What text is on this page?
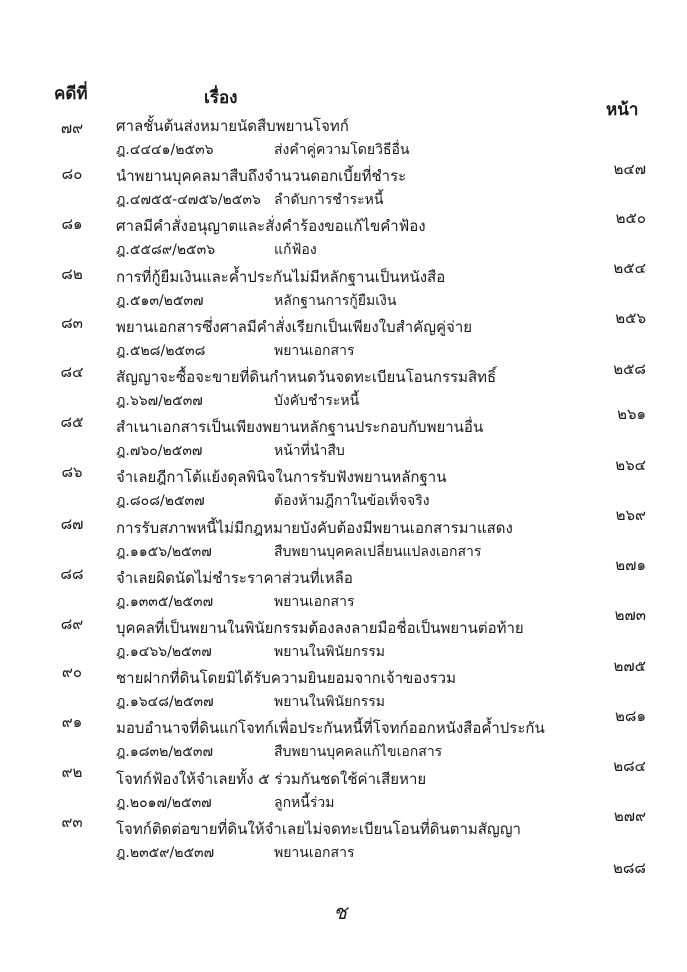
คดีที่	เรื่อง
หน้า
๗๙	ศาลชั้นต้นส่งหมายนัดสืบพยานโจทก์
ฎ.๔๔๔๑/๒๕๓๖	ส่งคำคู่ความโดยวิธีอื่น
๒๔๗
๘๐	นำพยานบุคคลมาสืบถึงจำนวนดอกเบี้ยที่ชำระ
ฎ.๔๗๕๕-๔๗๕๖/๒๕๓๖ ลำดับการชำระหนี้
๒๕๐
๘๑	ศาลมีคำสั่งอนุญาตและสั่งคำร้องขอแก้ไขคำฟ้อง
ฎ.๕๕๘๙/๒๕๓๖	แก้ฟ้อง
๒๕๔
๘๒	การที่กู้ยืมเงินและค้ำประกันไม่มีหลักฐานเป็นหนังสือ
ฎ.๕๑๓/๒๕๓๗	หลักฐานการกู้ยืมเงิน
๒๕๖
๘๓	พยานเอกสารซึ่งศาลมีคำสั่งเรียกเป็นเพียงใบสำคัญคู่จ่าย
ฎ.๕๒๘/๒๕๓๘	พยานเอกสาร
๒๕๘
๘๔	สัญญาจะซื้อจะขายที่ดินกำหนดวันจดทะเบียนโอนกรรมสิทธิ์
ฎ.๖๖๗/๒๕๓๗	บังคับชำระหนี้
๒๖๑
๘๕	สำเนาเอกสารเป็นเพียงพยานหลักฐานประกอบกับพยานอื่น
ฎ.๗๖๐/๒๕๓๗	หน้าที่นำสืบ
๒๖๔
๘๖	จำเลยฎีกาโต้แย้งดุลพินิจในการรับฟังพยานหลักฐาน
ฎ.๘๐๘/๒๕๓๗	ต้องห้ามฎีกาในข้อเท็จจริง
๒๖๙
๘๗	การรับสภาพหนี้ไม่มีกฎหมายบังคับต้องมีพยานเอกสารมาแสดง
ฎ.๑๑๕๖/๒๕๓๗	สืบพยานบุคคลเปลี่ยนแปลงเอกสาร
๒๗๑
๘๘	จำเลยผิดนัดไม่ชำระราคาส่วนที่เหลือ
ฎ.๑๓๓๕/๒๕๓๗	พยานเอกสาร
๒๗๓
๘๙	บุคคลที่เป็นพยานในพินัยกรรมต้องลงลายมือชื่อเป็นพยานต่อท้าย
ฎ.๑๔๖๖/๒๕๓๗	พยานในพินัยกรรม
๒๗๕
๙๐	ชายฝากที่ดินโดยมิได้รับความยินยอมจากเจ้าของรวม
ฎ.๑๖๔๘/๒๕๓๗	พยานในพินัยกรรม
๒๘๑
๙๑	มอบอำนาจที่ดินแก่โจทก์เพื่อประกันหนี้ที่โจทก์ออกหนังสือค้ำประกัน
ฎ.๑๘๓๒/๒๕๓๗	สืบพยานบุคคลแก้ไขเอกสาร
๒๘๔
๙๒	โจทก์ฟ้องให้จำเลยทั้ง ๕ ร่วมกันชดใช้ค่าเสียหาย
ฎ.๒๐๑๗/๒๕๓๗	ลูกหนี้ร่วม
๒๗๙
๙๓	โจทก์ติดต่อขายที่ดินให้จำเลยไม่จดทะเบียนโอนที่ดินตามสัญญา
ฎ.๒๓๕๙/๒๕๓๗	พยานเอกสาร
๒๘๘
ช
